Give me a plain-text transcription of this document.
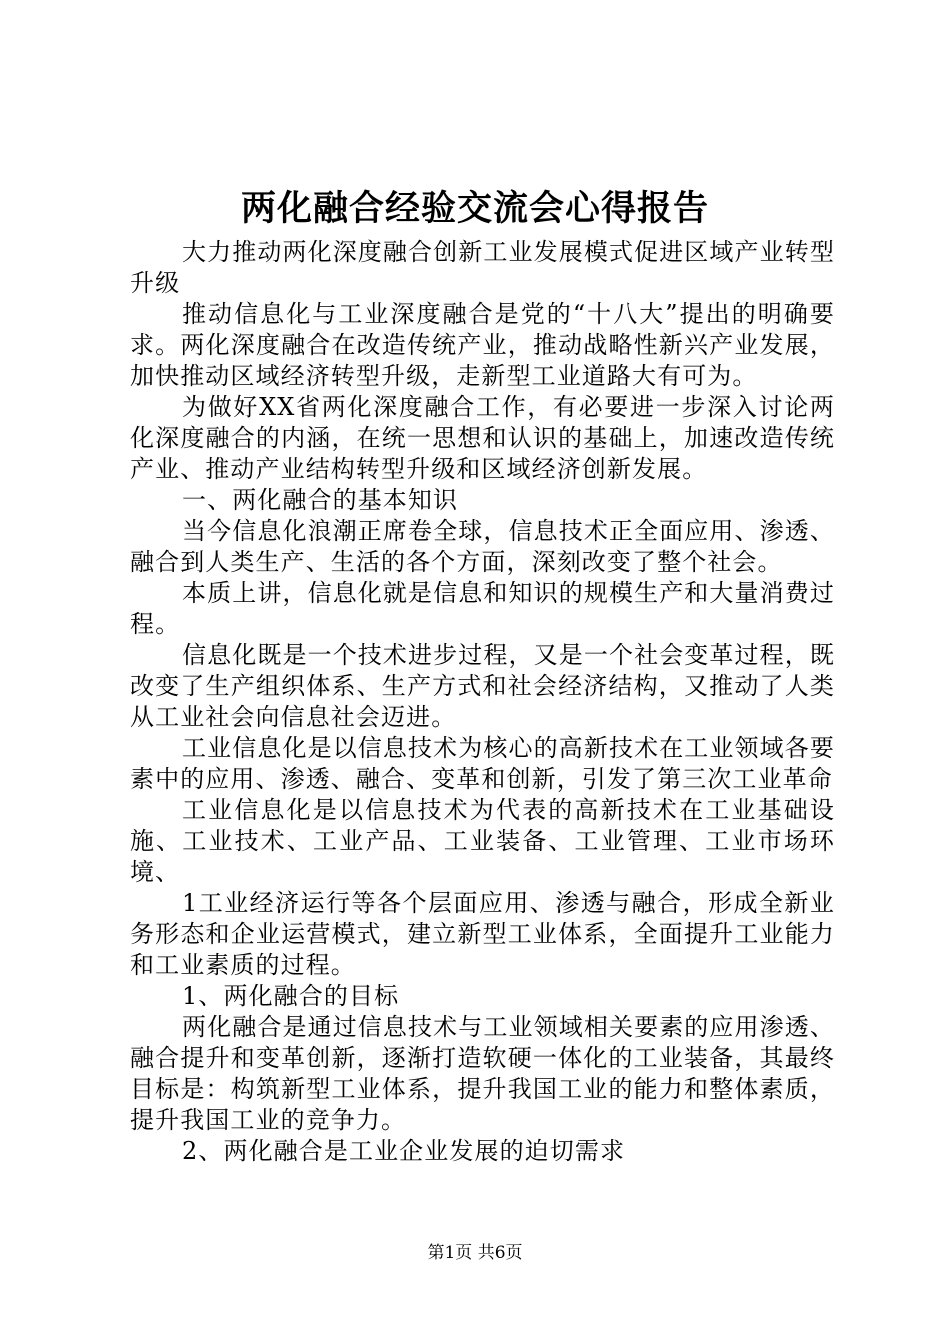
两化融合经验交流会心得报告

大力推动两化深度融合创新工业发展模式促进区域产业转型升级

推动信息化与工业深度融合是党的“十八大”提出的明确要求。两化深度融合在改造传统产业，推动战略性新兴产业发展，加快推动区域经济转型升级，走新型工业道路大有可为。

为做好XX省两化深度融合工作，有必要进一步深入讨论两化深度融合的内涵，在统一思想和认识的基础上，加速改造传统产业、推动产业结构转型升级和区域经济创新发展。

一、两化融合的基本知识

当今信息化浪潮正席卷全球，信息技术正全面应用、渗透、融合到人类生产、生活的各个方面，深刻改变了整个社会。

本质上讲，信息化就是信息和知识的规模生产和大量消费过程。

信息化既是一个技术进步过程，又是一个社会变革过程，既改变了生产组织体系、生产方式和社会经济结构，又推动了人类从工业社会向信息社会迈进。

工业信息化是以信息技术为核心的高新技术在工业领域各要素中的应用、渗透、融合、变革和创新，引发了第三次工业革命

工业信息化是以信息技术为代表的高新技术在工业基础设施、工业技术、工业产品、工业装备、工业管理、工业市场环境、

1工业经济运行等各个层面应用、渗透与融合，形成全新业务形态和企业运营模式，建立新型工业体系，全面提升工业能力和工业素质的过程。

1、两化融合的目标

两化融合是通过信息技术与工业领域相关要素的应用渗透、融合提升和变革创新，逐渐打造软硬一体化的工业装备，其最终目标是：构筑新型工业体系，提升我国工业的能力和整体素质，提升我国工业的竞争力。

2、两化融合是工业企业发展的迫切需求

第1页 共6页
